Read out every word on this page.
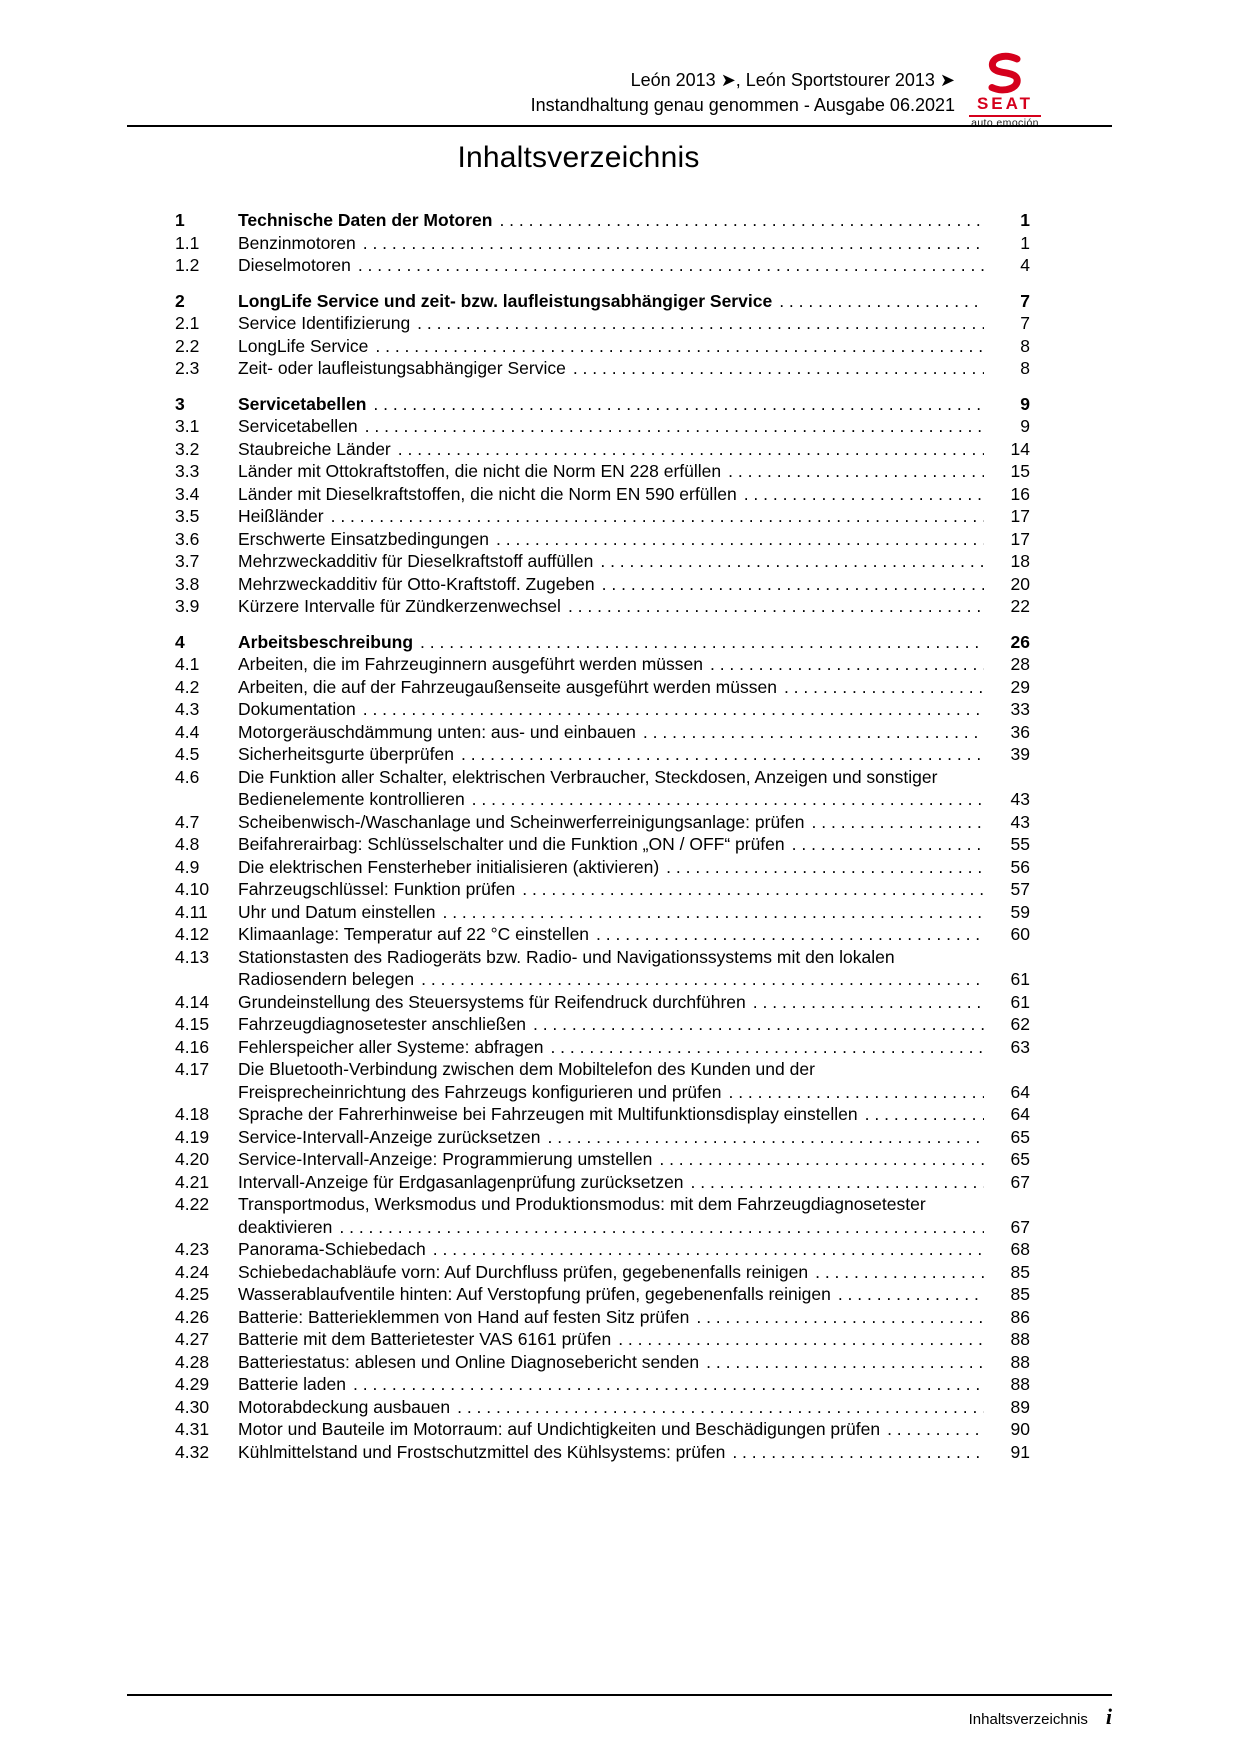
León 2013 ➤, León Sportstourer 2013 ➤
Instandhaltung genau genommen - Ausgabe 06.2021	SEAT
auto emoción
Inhaltsverzeichnis
1	Technische Daten der Motoren . . .	1
1.1	Benzinmotoren . . .	1
1.2	Dieselmotoren . . .	4
2	LongLife Service und zeit- bzw. laufleistungsabhängiger Service . . .	7
2.1	Service Identifizierung . . .	7
2.2	LongLife Service . . .	8
2.3	Zeit- oder laufleistungsabhängiger Service . . .	8
3	Servicetabellen . . .	9
3.1	Servicetabellen . . .	9
3.2	Staubreiche Länder . . .	14
3.3	Länder mit Ottokraftstoffen, die nicht die Norm EN 228 erfüllen . . .	15
3.4	Länder mit Dieselkraftstoffen, die nicht die Norm EN 590 erfüllen . . .	16
3.5	Heißländer . . .	17
3.6	Erschwerte Einsatzbedingungen . . .	17
3.7	Mehrzweckadditiv für Dieselkraftstoff auffüllen . . .	18
3.8	Mehrzweckadditiv für Otto-Kraftstoff. Zugeben . . .	20
3.9	Kürzere Intervalle für Zündkerzenwechsel . . .	22
4	Arbeitsbeschreibung . . .	26
4.1	Arbeiten, die im Fahrzeuginnern ausgeführt werden müssen . . .	28
4.2	Arbeiten, die auf der Fahrzeugaußenseite ausgeführt werden müssen . . .	29
4.3	Dokumentation . . .	33
4.4	Motorgeräuschdämmung unten: aus- und einbauen . . .	36
4.5	Sicherheitsgurte überprüfen . . .	39
4.6	Die Funktion aller Schalter, elektrischen Verbraucher, Steckdosen, Anzeigen und sonstiger
Bedienelemente kontrollieren . . .	43
4.7	Scheibenwisch-/Waschanlage und Scheinwerferreinigungsanlage: prüfen . . .	43
4.8	Beifahrerairbag: Schlüsselschalter und die Funktion „ON / OFF“ prüfen . . .	55
4.9	Die elektrischen Fensterheber initialisieren (aktivieren) . . .	56
4.10	Fahrzeugschlüssel: Funktion prüfen . . .	57
4.11	Uhr und Datum einstellen . . .	59
4.12	Klimaanlage: Temperatur auf 22 °C einstellen . . .	60
4.13	Stationstasten des Radiogeräts bzw. Radio- und Navigationssystems mit den lokalen
Radiosendern belegen . . .	61
4.14	Grundeinstellung des Steuersystems für Reifendruck durchführen . . .	61
4.15	Fahrzeugdiagnosetester anschließen . . .	62
4.16	Fehlerspeicher aller Systeme: abfragen . . .	63
4.17	Die Bluetooth-Verbindung zwischen dem Mobiltelefon des Kunden und der
Freisprecheinrichtung des Fahrzeugs konfigurieren und prüfen . . .	64
4.18	Sprache der Fahrerhinweise bei Fahrzeugen mit Multifunktionsdisplay einstellen . . .	64
4.19	Service-Intervall-Anzeige zurücksetzen . . .	65
4.20	Service-Intervall-Anzeige: Programmierung umstellen . . .	65
4.21	Intervall-Anzeige für Erdgasanlagenprüfung zurücksetzen . . .	67
4.22	Transportmodus, Werksmodus und Produktionsmodus: mit dem Fahrzeugdiagnosetester
deaktivieren . . .	67
4.23	Panorama-Schiebedach . . .	68
4.24	Schiebedachabläufe vorn: Auf Durchfluss prüfen, gegebenenfalls reinigen . . .	85
4.25	Wasserablaufventile hinten: Auf Verstopfung prüfen, gegebenenfalls reinigen . . .	85
4.26	Batterie: Batterieklemmen von Hand auf festen Sitz prüfen . . .	86
4.27	Batterie mit dem Batterietester VAS 6161 prüfen . . .	88
4.28	Batteriestatus: ablesen und Online Diagnosebericht senden . . .	88
4.29	Batterie laden . . .	88
4.30	Motorabdeckung ausbauen . . .	89
4.31	Motor und Bauteile im Motorraum: auf Undichtigkeiten und Beschädigungen prüfen . . .	90
4.32	Kühlmittelstand und Frostschutzmittel des Kühlsystems: prüfen . . .	91
Inhaltsverzeichnis i
